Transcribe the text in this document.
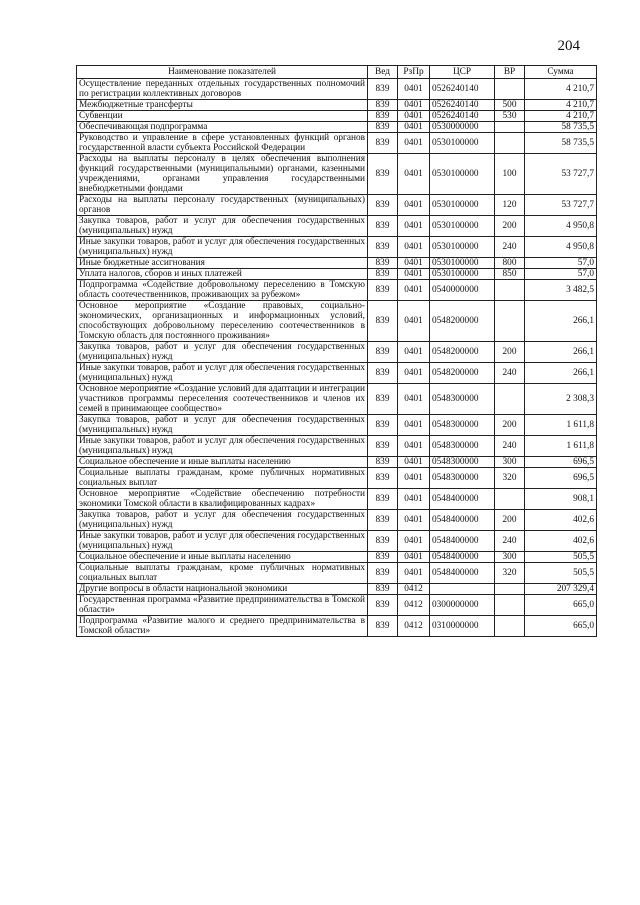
204
Наименование показателей	Вед	РзПр	ЦСР	ВР	Сумма
Осуществление переданных отдельных государственных полномочий по регистрации коллективных договоров	839	0401	0526240140		4 210,7
Межбюджетные трансферты	839	0401	0526240140	500	4 210,7
Субвенции	839	0401	0526240140	530	4 210,7
Обеспечивающая подпрограмма	839	0401	0530000000		58 735,5
Руководство и управление в сфере установленных функций органов государственной власти субъекта Российской Федерации	839	0401	0530100000		58 735,5
Расходы на выплаты персоналу в целях обеспечения выполнения функций государственными (муниципальными) органами, казенными учреждениями, органами управления государственными внебюджетными фондами	839	0401	0530100000	100	53 727,7
Расходы на выплаты персоналу государственных (муниципальных) органов	839	0401	0530100000	120	53 727,7
Закупка товаров, работ и услуг для обеспечения государственных (муниципальных) нужд	839	0401	0530100000	200	4 950,8
Иные закупки товаров, работ и услуг для обеспечения государственных (муниципальных) нужд	839	0401	0530100000	240	4 950,8
Иные бюджетные ассигнования	839	0401	0530100000	800	57,0
Уплата налогов, сборов и иных платежей	839	0401	0530100000	850	57,0
Подпрограмма «Содействие добровольному переселению в Томскую область соотечественников, проживающих за рубежом»	839	0401	0540000000		3 482,5
Основное мероприятие «Создание правовых, социально-экономических, организационных и информационных условий, способствующих добровольному переселению соотечественников в Томскую область для постоянного проживания»	839	0401	0548200000		266,1
Закупка товаров, работ и услуг для обеспечения государственных (муниципальных) нужд	839	0401	0548200000	200	266,1
Иные закупки товаров, работ и услуг для обеспечения государственных (муниципальных) нужд	839	0401	0548200000	240	266,1
Основное мероприятие «Создание условий для адаптации и интеграции участников программы переселения соотечественников и членов их семей в принимающее сообщество»	839	0401	0548300000		2 308,3
Закупка товаров, работ и услуг для обеспечения государственных (муниципальных) нужд	839	0401	0548300000	200	1 611,8
Иные закупки товаров, работ и услуг для обеспечения государственных (муниципальных) нужд	839	0401	0548300000	240	1 611,8
Социальное обеспечение и иные выплаты населению	839	0401	0548300000	300	696,5
Социальные выплаты гражданам, кроме публичных нормативных социальных выплат	839	0401	0548300000	320	696,5
Основное мероприятие «Содействие обеспечению потребности экономики Томской области в квалифицированных кадрах»	839	0401	0548400000		908,1
Закупка товаров, работ и услуг для обеспечения государственных (муниципальных) нужд	839	0401	0548400000	200	402,6
Иные закупки товаров, работ и услуг для обеспечения государственных (муниципальных) нужд	839	0401	0548400000	240	402,6
Социальное обеспечение и иные выплаты населению	839	0401	0548400000	300	505,5
Социальные выплаты гражданам, кроме публичных нормативных социальных выплат	839	0401	0548400000	320	505,5
Другие вопросы в области национальной экономики	839	0412			207 329,4
Государственная программа «Развитие предпринимательства в Томской области»	839	0412	0300000000		665,0
Подпрограмма «Развитие малого и среднего предпринимательства в Томской области»	839	0412	0310000000		665,0
